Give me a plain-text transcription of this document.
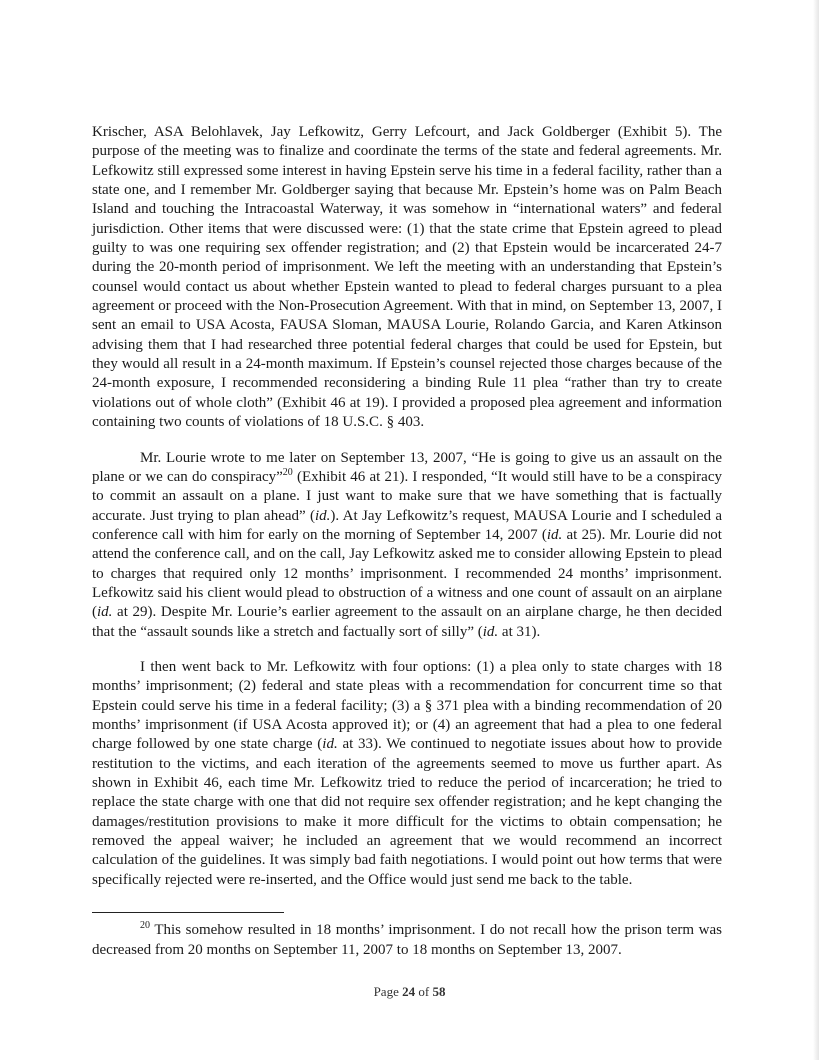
Krischer, ASA Belohlavek, Jay Lefkowitz, Gerry Lefcourt, and Jack Goldberger (Exhibit 5). The purpose of the meeting was to finalize and coordinate the terms of the state and federal agreements. Mr. Lefkowitz still expressed some interest in having Epstein serve his time in a federal facility, rather than a state one, and I remember Mr. Goldberger saying that because Mr. Epstein’s home was on Palm Beach Island and touching the Intracoastal Waterway, it was somehow in “international waters” and federal jurisdiction. Other items that were discussed were: (1) that the state crime that Epstein agreed to plead guilty to was one requiring sex offender registration; and (2) that Epstein would be incarcerated 24-7 during the 20-month period of imprisonment. We left the meeting with an understanding that Epstein’s counsel would contact us about whether Epstein wanted to plead to federal charges pursuant to a plea agreement or proceed with the Non-Prosecution Agreement. With that in mind, on September 13, 2007, I sent an email to USA Acosta, FAUSA Sloman, MAUSA Lourie, Rolando Garcia, and Karen Atkinson advising them that I had researched three potential federal charges that could be used for Epstein, but they would all result in a 24-month maximum. If Epstein’s counsel rejected those charges because of the 24-month exposure, I recommended reconsidering a binding Rule 11 plea “rather than try to create violations out of whole cloth” (Exhibit 46 at 19). I provided a proposed plea agreement and information containing two counts of violations of 18 U.S.C. § 403.

Mr. Lourie wrote to me later on September 13, 2007, “He is going to give us an assault on the plane or we can do conspiracy”$^{20}$ (Exhibit 46 at 21). I responded, “It would still have to be a conspiracy to commit an assault on a plane. I just want to make sure that we have something that is factually accurate. Just trying to plan ahead” (id.). At Jay Lefkowitz’s request, MAUSA Lourie and I scheduled a conference call with him for early on the morning of September 14, 2007 (id. at 25). Mr. Lourie did not attend the conference call, and on the call, Jay Lefkowitz asked me to consider allowing Epstein to plead to charges that required only 12 months’ imprisonment. I recommended 24 months’ imprisonment. Lefkowitz said his client would plead to obstruction of a witness and one count of assault on an airplane (id. at 29). Despite Mr. Lourie’s earlier agreement to the assault on an airplane charge, he then decided that the “assault sounds like a stretch and factually sort of silly” (id. at 31).

I then went back to Mr. Lefkowitz with four options: (1) a plea only to state charges with 18 months’ imprisonment; (2) federal and state pleas with a recommendation for concurrent time so that Epstein could serve his time in a federal facility; (3) a § 371 plea with a binding recommendation of 20 months’ imprisonment (if USA Acosta approved it); or (4) an agreement that had a plea to one federal charge followed by one state charge (id. at 33). We continued to negotiate issues about how to provide restitution to the victims, and each iteration of the agreements seemed to move us further apart. As shown in Exhibit 46, each time Mr. Lefkowitz tried to reduce the period of incarceration; he tried to replace the state charge with one that did not require sex offender registration; and he kept changing the damages/restitution provisions to make it more difficult for the victims to obtain compensation; he removed the appeal waiver; he included an agreement that we would recommend an incorrect calculation of the guidelines. It was simply bad faith negotiations. I would point out how terms that were specifically rejected were re-inserted, and the Office would just send me back to the table.

$^{20}$ This somehow resulted in 18 months’ imprisonment. I do not recall how the prison term was decreased from 20 months on September 11, 2007 to 18 months on September 13, 2007.

Page 24 of 58
